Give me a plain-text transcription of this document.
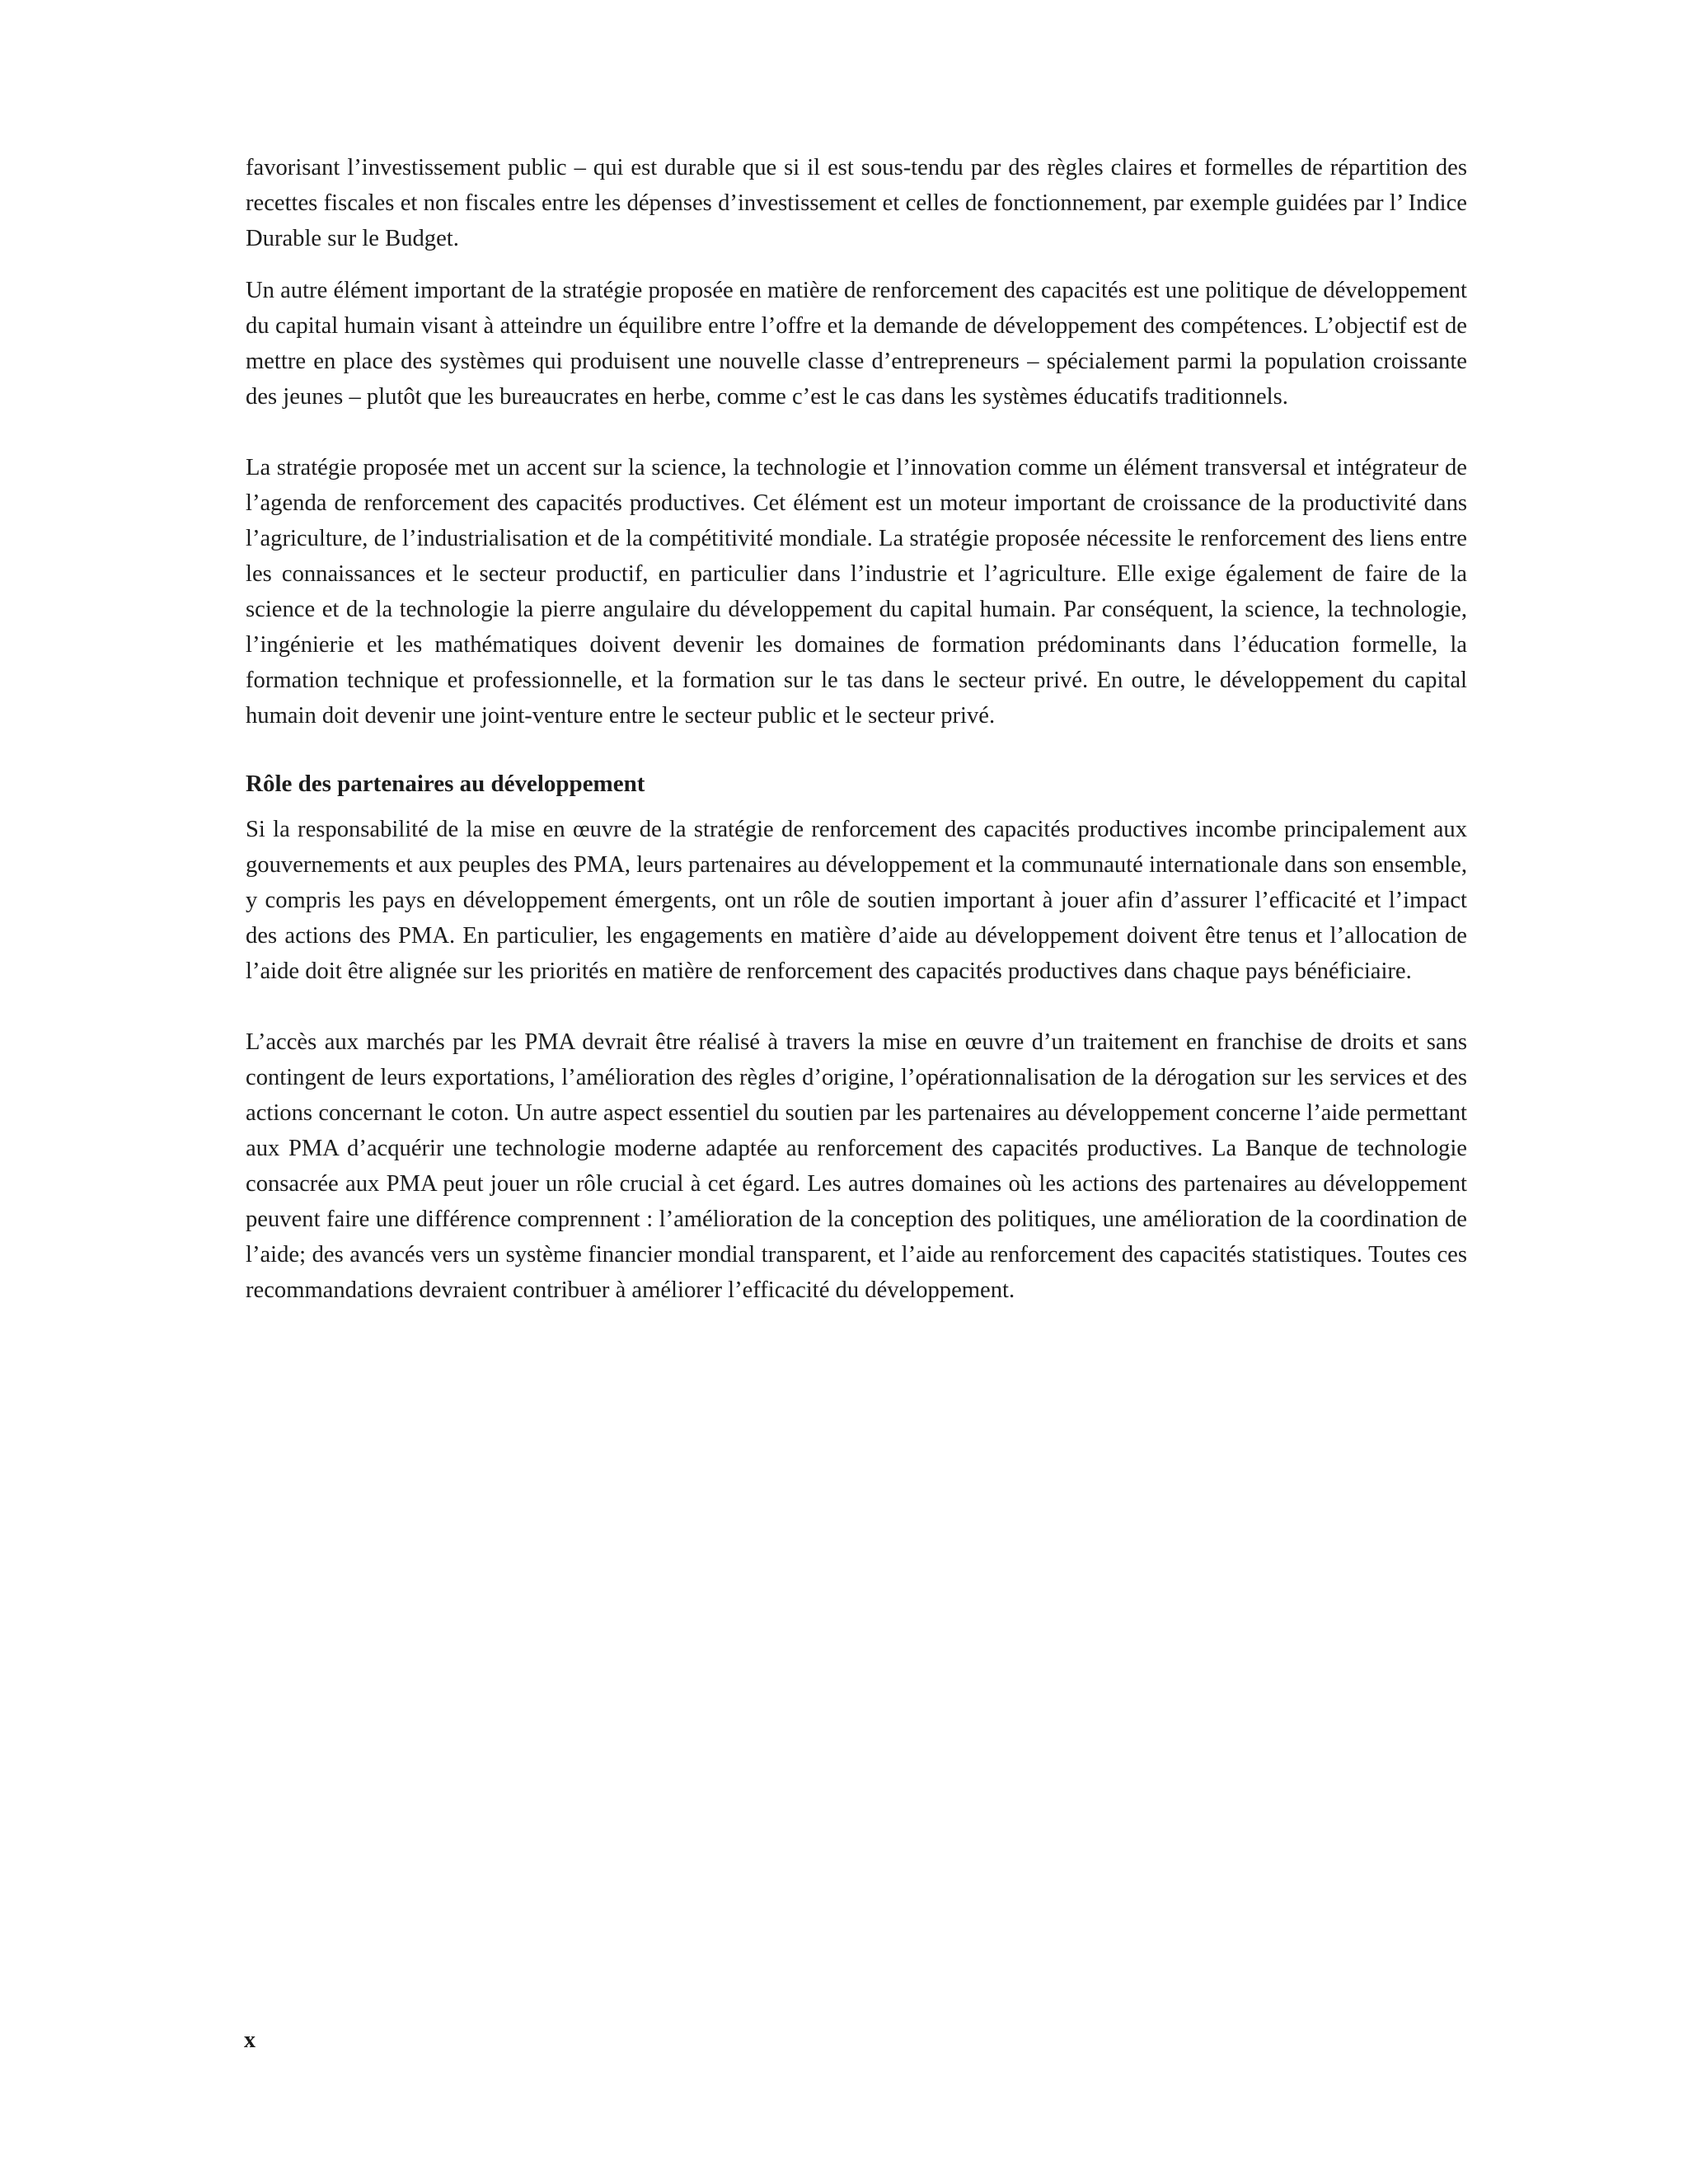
favorisant l’investissement public – qui est durable que si il est sous-tendu par des règles claires et formelles de répartition des recettes fiscales et non fiscales entre les dépenses d’investissement et celles de fonctionnement, par exemple guidées par l’ Indice Durable sur le Budget.

Un autre élément important de la stratégie proposée en matière de renforcement des capacités est une politique de développement du capital humain visant à atteindre un équilibre entre l’offre et la demande de développement des compétences. L’objectif est de mettre en place des systèmes qui produisent une nouvelle classe d’entrepreneurs – spécialement parmi la population croissante des jeunes – plutôt que les bureaucrates en herbe, comme c’est le cas dans les systèmes éducatifs traditionnels.

La stratégie proposée met un accent sur la science, la technologie et l’innovation comme un élément transversal et intégrateur de l’agenda de renforcement des capacités productives. Cet élément est un moteur important de croissance de la productivité dans l’agriculture, de l’industrialisation et de la compétitivité mondiale. La stratégie proposée nécessite le renforcement des liens entre les connaissances et le secteur productif, en particulier dans l’industrie et l’agriculture. Elle exige également de faire de la science et de la technologie la pierre angulaire du développement du capital humain. Par conséquent, la science, la technologie, l’ingénierie et les mathématiques doivent devenir les domaines de formation prédominants dans l’éducation formelle, la formation technique et professionnelle, et la formation sur le tas dans le secteur privé. En outre, le développement du capital humain doit devenir une joint-venture entre le secteur public et le secteur privé.

Rôle des partenaires au développement

Si la responsabilité de la mise en œuvre de la stratégie de renforcement des capacités productives incombe principalement aux gouvernements et aux peuples des PMA, leurs partenaires au développement et la communauté internationale dans son ensemble, y compris les pays en développement émergents, ont un rôle de soutien important à jouer afin d’assurer l’efficacité et l’impact des actions des PMA. En particulier, les engagements en matière d’aide au développement doivent être tenus et l’allocation de l’aide doit être alignée sur les priorités en matière de renforcement des capacités productives dans chaque pays bénéficiaire.

L’accès aux marchés par les PMA devrait être réalisé à travers la mise en œuvre d’un traitement en franchise de droits et sans contingent de leurs exportations, l’amélioration des règles d’origine, l’opérationnalisation de la dérogation sur les services et des actions concernant le coton. Un autre aspect essentiel du soutien par les partenaires au développement concerne l’aide permettant aux PMA d’acquérir une technologie moderne adaptée au renforcement des capacités productives. La Banque de technologie consacrée aux PMA peut jouer un rôle crucial à cet égard. Les autres domaines où les actions des partenaires au développement peuvent faire une différence comprennent : l’amélioration de la conception des politiques, une amélioration de la coordination de l’aide; des avancés vers un système financier mondial transparent, et l’aide au renforcement des capacités statistiques. Toutes ces recommandations devraient contribuer à améliorer l’efficacité du développement.

x
